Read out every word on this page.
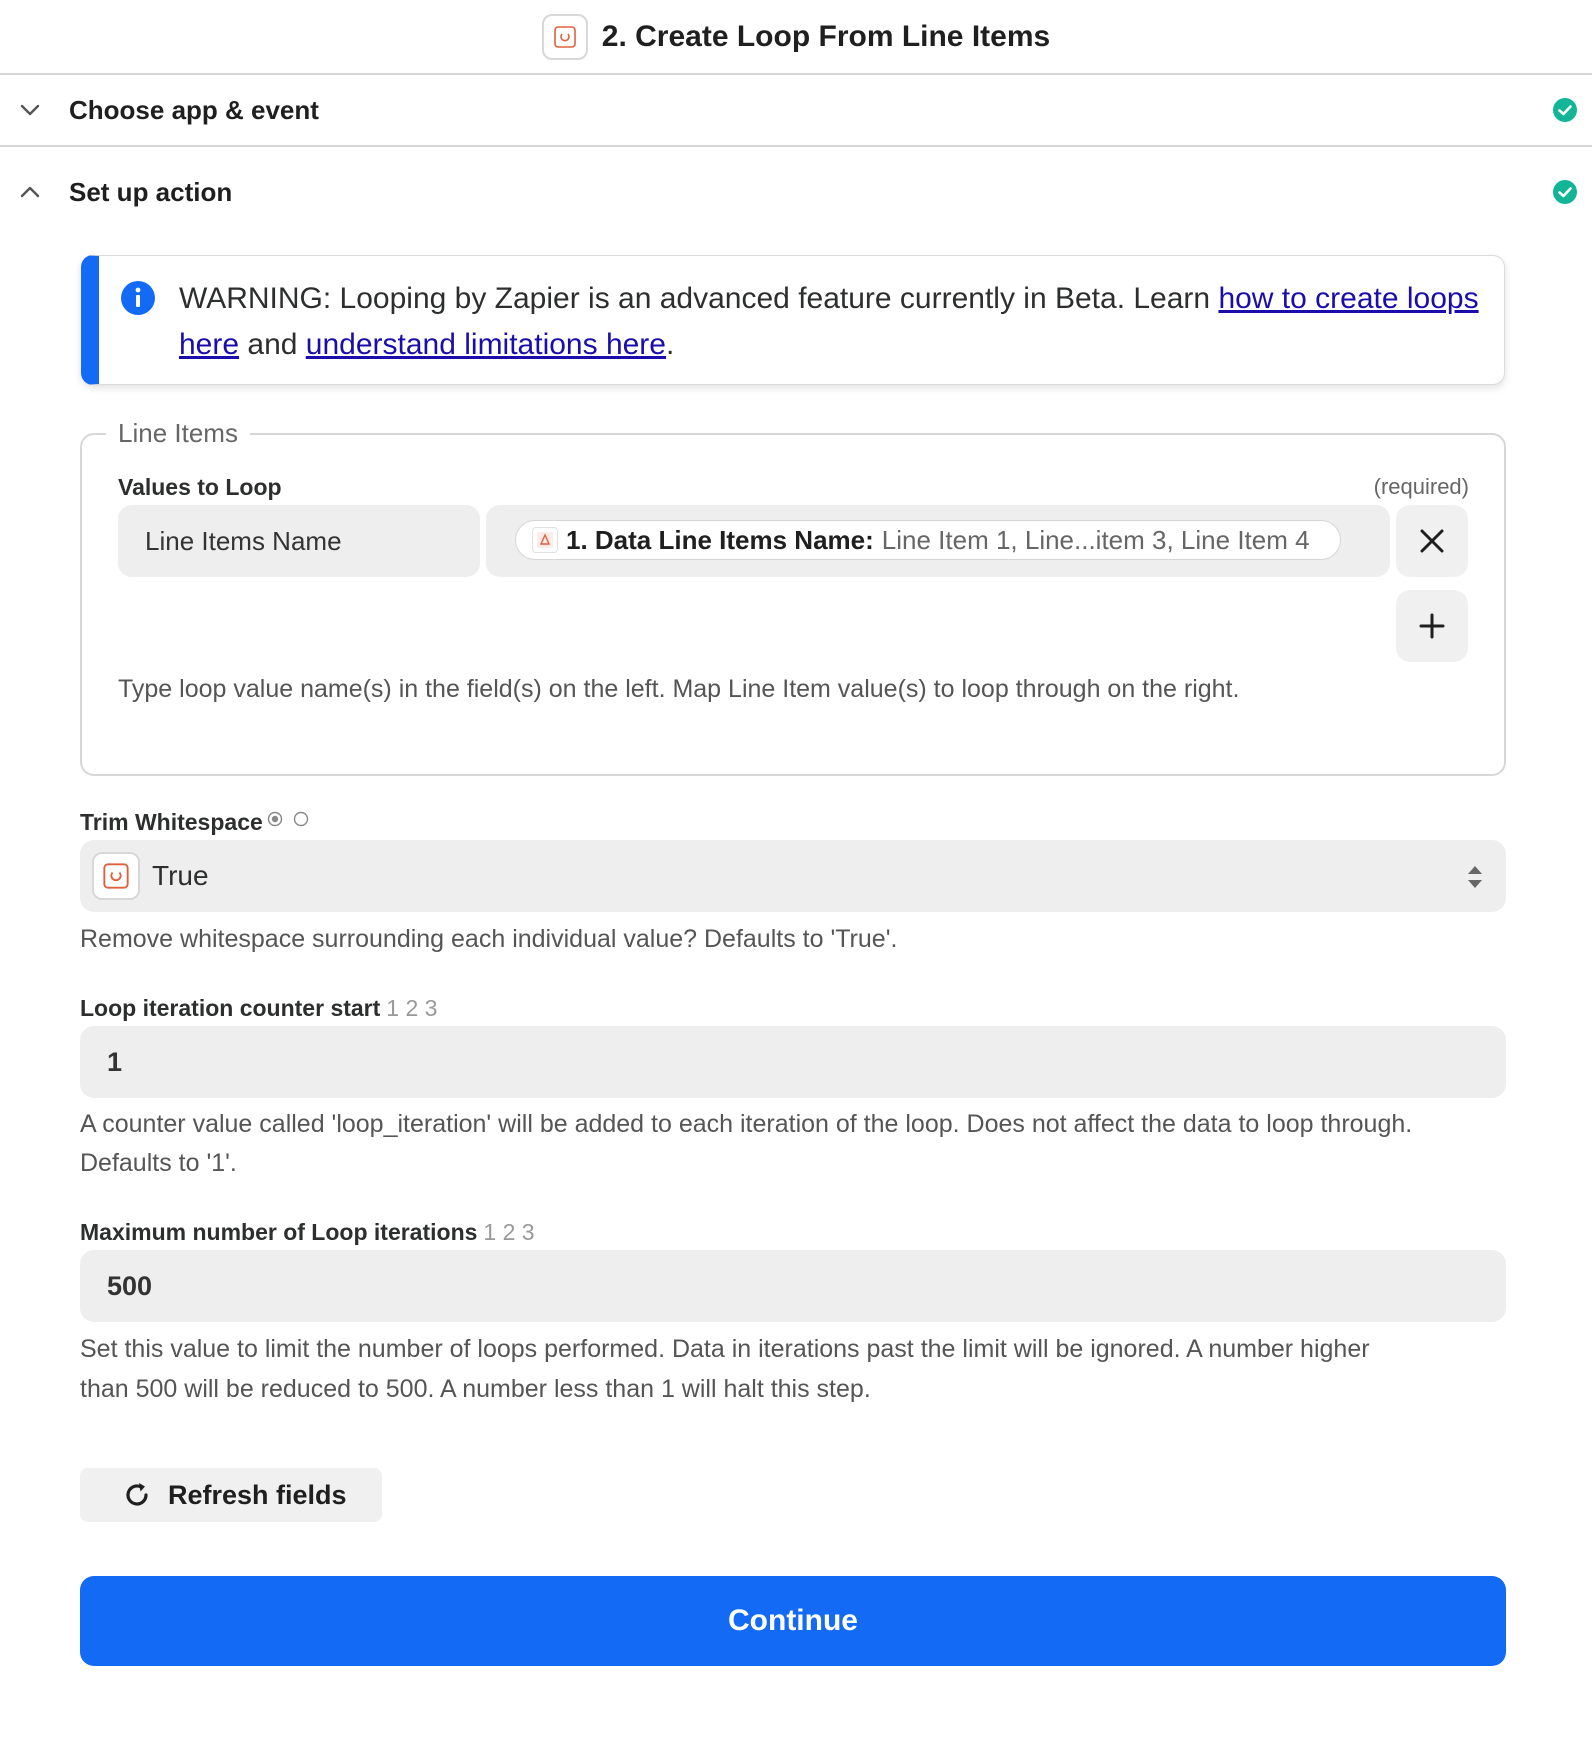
2. Create Loop From Line Items
Choose app & event
Set up action
WARNING: Looping by Zapier is an advanced feature currently in Beta. Learn how to create loops here and understand limitations here.
Line Items
Values to Loop	(required)
Line Items Name	1. Data Line Items Name: Line Item 1, Line...item 3, Line Item 4
Type loop value name(s) in the field(s) on the left. Map Line Item value(s) to loop through on the right.
Trim Whitespace
True
Remove whitespace surrounding each individual value? Defaults to 'True'.
Loop iteration counter start 1 2 3
1
A counter value called 'loop_iteration' will be added to each iteration of the loop. Does not affect the data to loop through.
Defaults to '1'.
Maximum number of Loop iterations 1 2 3
500
Set this value to limit the number of loops performed. Data in iterations past the limit will be ignored. A number higher
than 500 will be reduced to 500. A number less than 1 will halt this step.
Refresh fields
Continue
